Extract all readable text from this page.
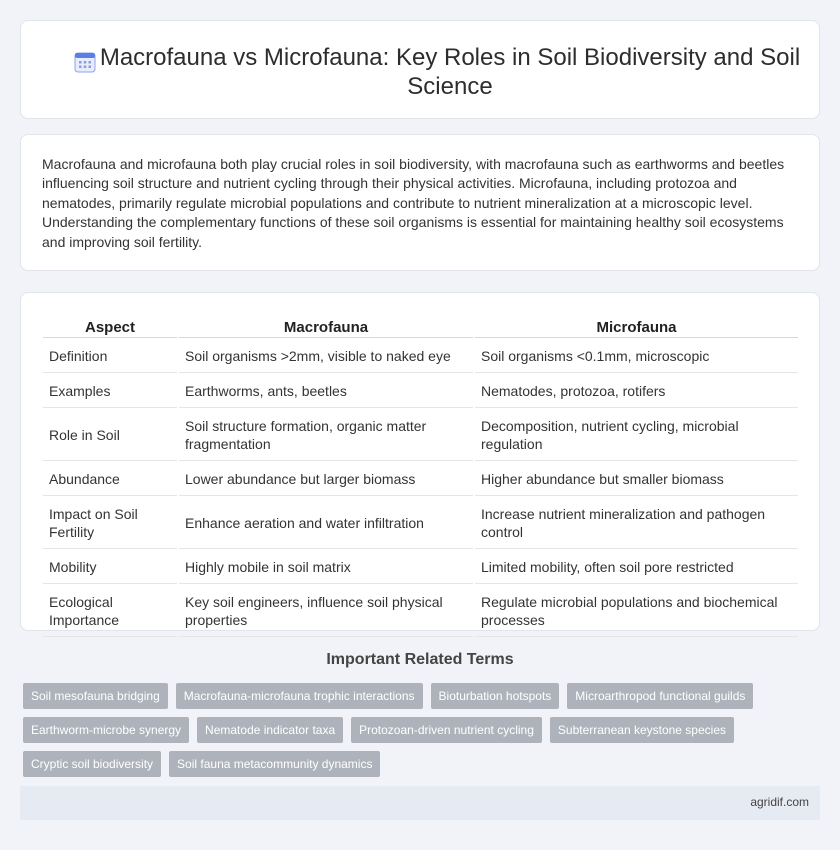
Macrofauna vs Microfauna: Key Roles in Soil Biodiversity and Soil Science

Macrofauna and microfauna both play crucial roles in soil biodiversity, with macrofauna such as earthworms and beetles influencing soil structure and nutrient cycling through their physical activities. Microfauna, including protozoa and nematodes, primarily regulate microbial populations and contribute to nutrient mineralization at a microscopic level. Understanding the complementary functions of these soil organisms is essential for maintaining healthy soil ecosystems and improving soil fertility.

Aspect	Macrofauna	Microfauna
Definition	Soil organisms >2mm, visible to naked eye	Soil organisms <0.1mm, microscopic
Examples	Earthworms, ants, beetles	Nematodes, protozoa, rotifers
Role in Soil	Soil structure formation, organic matter fragmentation	Decomposition, nutrient cycling, microbial regulation
Abundance	Lower abundance but larger biomass	Higher abundance but smaller biomass
Impact on Soil Fertility	Enhance aeration and water infiltration	Increase nutrient mineralization and pathogen control
Mobility	Highly mobile in soil matrix	Limited mobility, often soil pore restricted
Ecological Importance	Key soil engineers, influence soil physical properties	Regulate microbial populations and biochemical processes
Important Related Terms
Soil mesofauna bridging	Macrofauna-microfauna trophic interactions	Bioturbation hotspots	Microarthropod functional guilds
Earthworm-microbe synergy	Nematode indicator taxa	Protozoan-driven nutrient cycling	Subterranean keystone species
Cryptic soil biodiversity	Soil fauna metacommunity dynamics
agridif.com
